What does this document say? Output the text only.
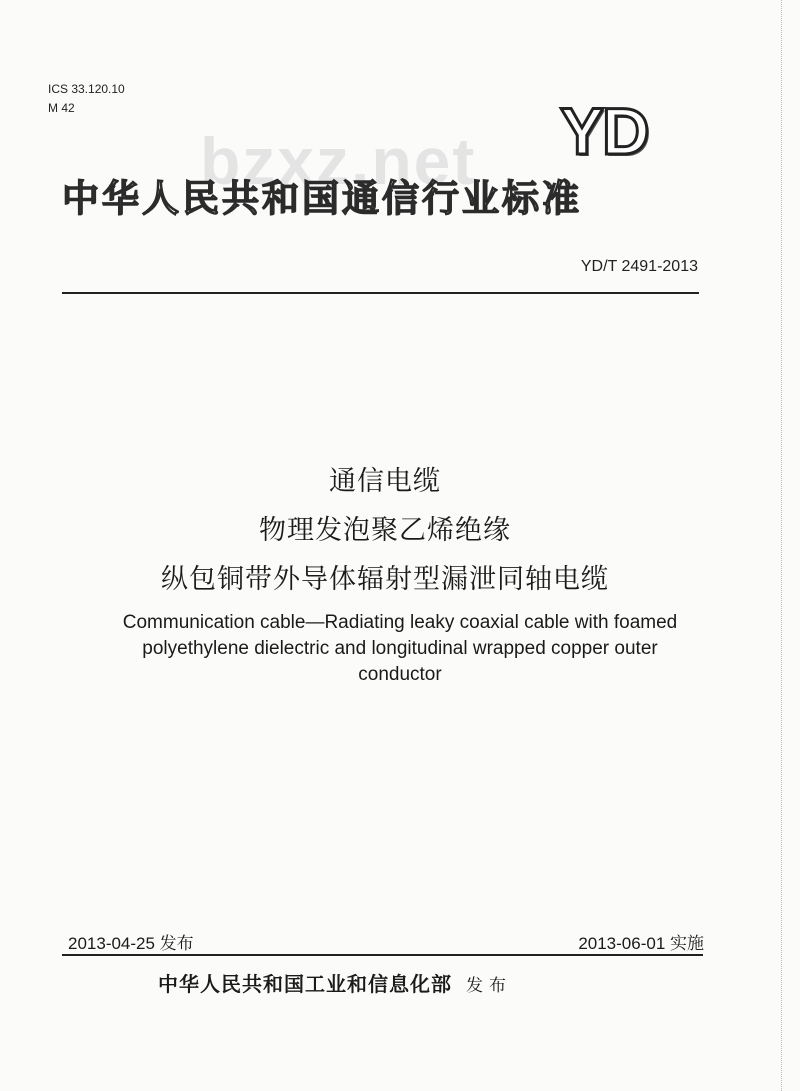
ICS 33.120.10
M 42
bzxz.net YD
中华人民共和国通信行业标准
YD/T 2491-2013
通信电缆
物理发泡聚乙烯绝缘
纵包铜带外导体辐射型漏泄同轴电缆
Communication cable—Radiating leaky coaxial cable with foamed
polyethylene dielectric and longitudinal wrapped copper outer
conductor
2013-04-25 发布	2013-06-01 实施
中华人民共和国工业和信息化部 发布
